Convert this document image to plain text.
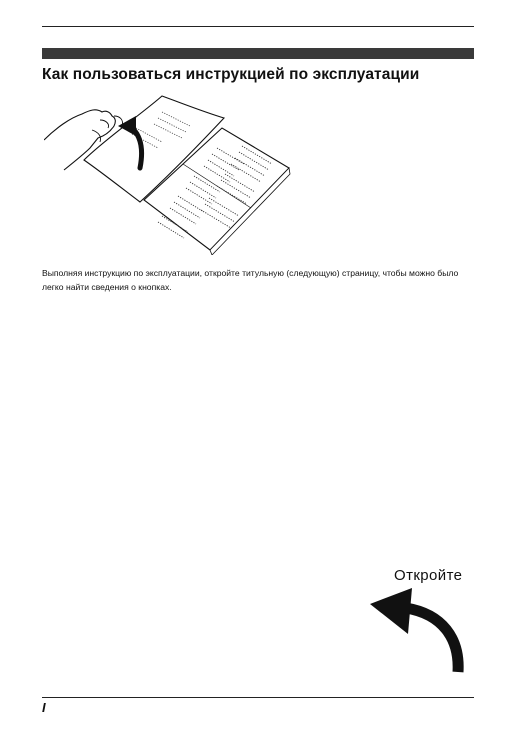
Как пользоваться инструкцией по эксплуатации

Выполняя инструкцию по эксплуатации, откройте титульную (следующую) страницу, чтобы можно было легко найти сведения о кнопках.

Откройте
I
